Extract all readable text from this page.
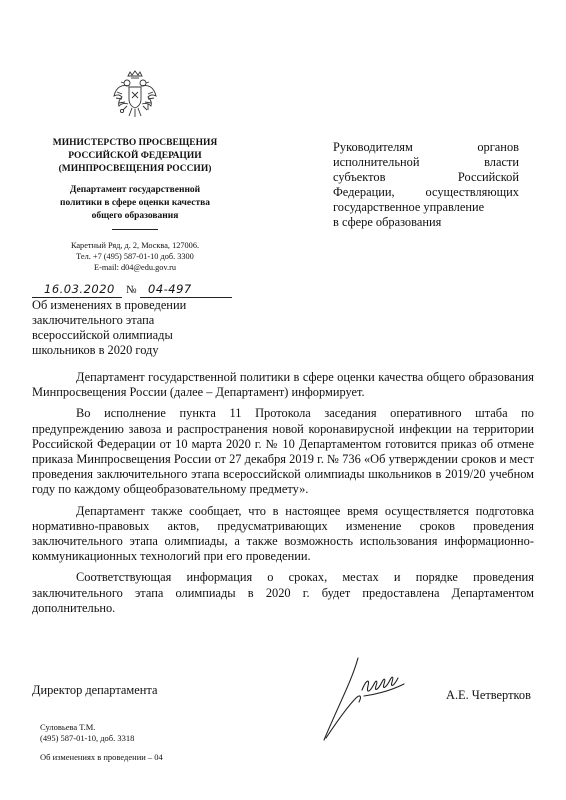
МИНИСТЕРСТВО ПРОСВЕЩЕНИЯ
РОССИЙСКОЙ ФЕДЕРАЦИИ
(МИНПРОСВЕЩЕНИЯ РОССИИ)
Департамент государственной
политики в сфере оценки качества
общего образования
Каретный Ряд, д. 2, Москва, 127006.
Тел. +7 (495) 587-01-10 доб. 3300
E-mail: d04@edu.gov.ru
16.03.2020 № 04-497
Об изменениях в проведении
заключительного этапа
всероссийской олимпиады
школьников в 2020 году
Руководителям органов
исполнительной власти
субъектов Российской
Федерации, осуществляющих
государственное управление
в сфере образования

Департамент государственной политики в сфере оценки качества общего образования Минпросвещения России (далее – Департамент) информирует.

Во исполнение пункта 11 Протокола заседания оперативного штаба по предупреждению завоза и распространения новой коронавирусной инфекции на территории Российской Федерации от 10 марта 2020 г. № 10 Департаментом готовится приказ об отмене приказа Минпросвещения России от 27 декабря 2019 г. № 736 «Об утверждении сроков и мест проведения заключительного этапа всероссийской олимпиады школьников в 2019/20 учебном году по каждому общеобразовательному предмету».

Департамент также сообщает, что в настоящее время осуществляется подготовка нормативно-правовых актов, предусматривающих изменение сроков проведения заключительного этапа олимпиады, а также возможность использования информационно-коммуникационных технологий при его проведении.

Соответствующая информация о сроках, местах и порядке проведения заключительного этапа олимпиады в 2020 г. будет предоставлена Департаментом дополнительно.

Директор департамента	А.Е. Четвертков
Суловьева Т.М.
(495) 587-01-10, доб. 3318
Об изменениях в проведении – 04
